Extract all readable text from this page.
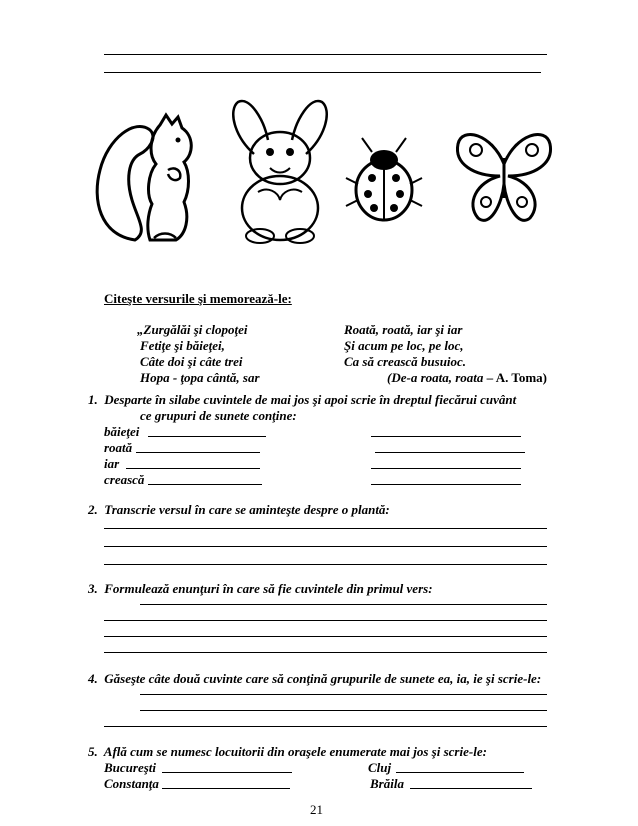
Citeşte versurile şi memorează-le:
„Zurgălăi şi clopoţei
Fetiţe şi băieţei,
Câte doi şi câte trei
Hopa - ţopa cântă, sar
Roată, roată, iar şi iar
Şi acum pe loc, pe loc,
Ca să crească busuioc.
(De-a roata, roata – A. Toma)
1. Desparte în silabe cuvintele de mai jos şi apoi scrie în dreptul fiecărui cuvânt
ce grupuri de sunete conţine:
băieţei
roată
iar
crească
2. Transcrie versul în care se aminteşte despre o plantă:
3. Formulează enunţuri în care să fie cuvintele din primul vers:
4. Găseşte câte două cuvinte care să conţină grupurile de sunete ea, ia, ie şi scrie-le:
5. Află cum se numesc locuitorii din oraşele enumerate mai jos şi scrie-le:
Bucureşti	Cluj
Constanţa	Brăila
21
